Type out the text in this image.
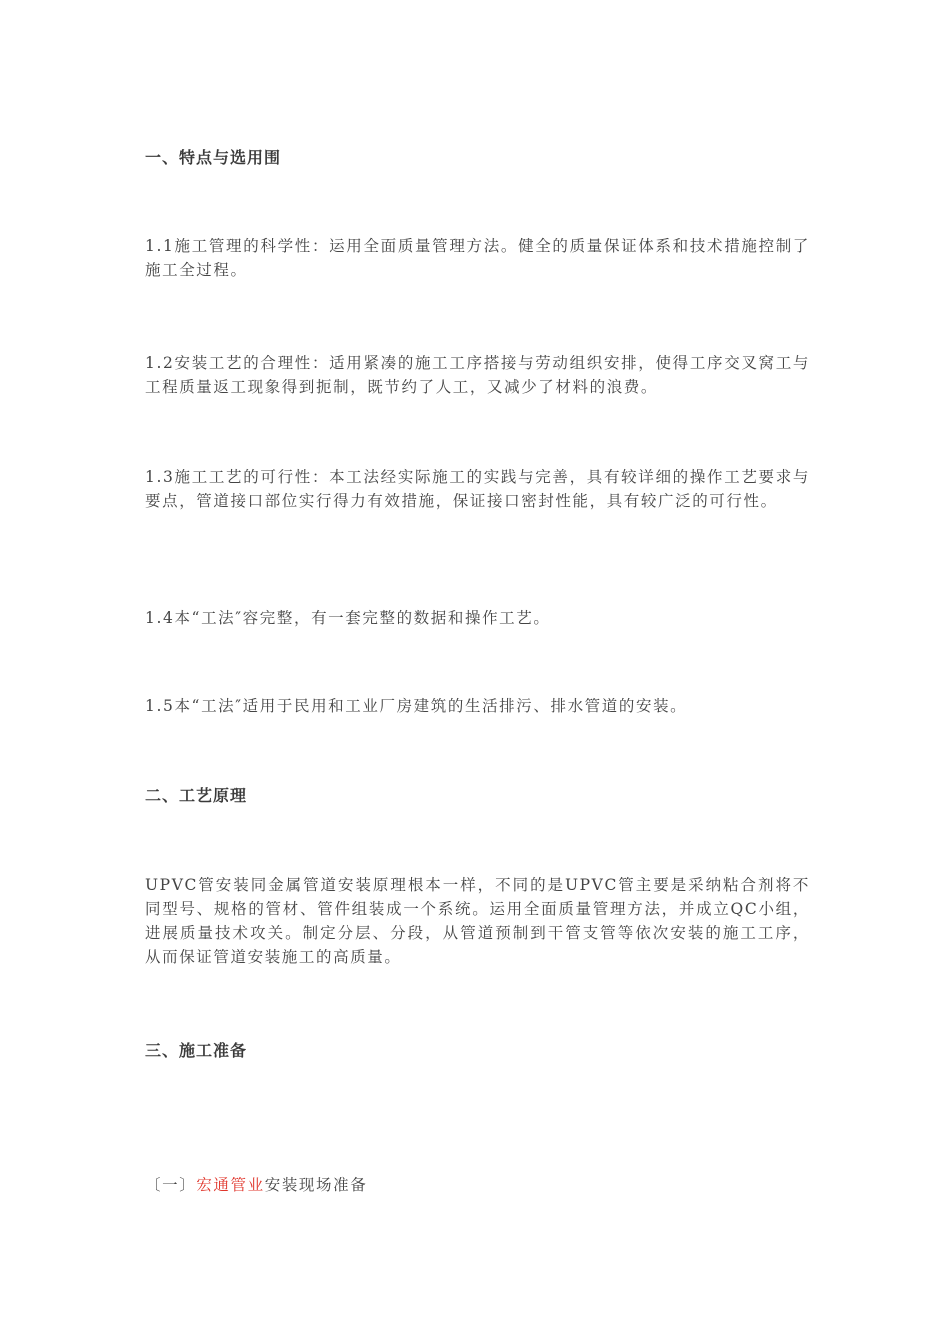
一、特点与选用围

1.1施工管理的科学性：运用全面质量管理方法。健全的质量保证体系和技术措施控制了施工全过程。

1.2安装工艺的合理性：适用紧凑的施工工序搭接与劳动组织安排，使得工序交叉窝工与工程质量返工现象得到扼制，既节约了人工，又减少了材料的浪费。

1.3施工工艺的可行性：本工法经实际施工的实践与完善，具有较详细的操作工艺要求与要点，管道接口部位实行得力有效措施，保证接口密封性能，具有较广泛的可行性。

1.4本“工法″容完整，有一套完整的数据和操作工艺。

1.5本“工法″适用于民用和工业厂房建筑的生活排污、排水管道的安装。

二、工艺原理

UPVC管安装同金属管道安装原理根本一样，不同的是UPVC管主要是采纳粘合剂将不同型号、规格的管材、管件组装成一个系统。运用全面质量管理方法，并成立QC小组，进展质量技术攻关。制定分层、分段，从管道预制到干管支管等依次安装的施工工序，从而保证管道安装施工的高质量。

三、施工准备

〔一〕宏通管业安装现场准备
